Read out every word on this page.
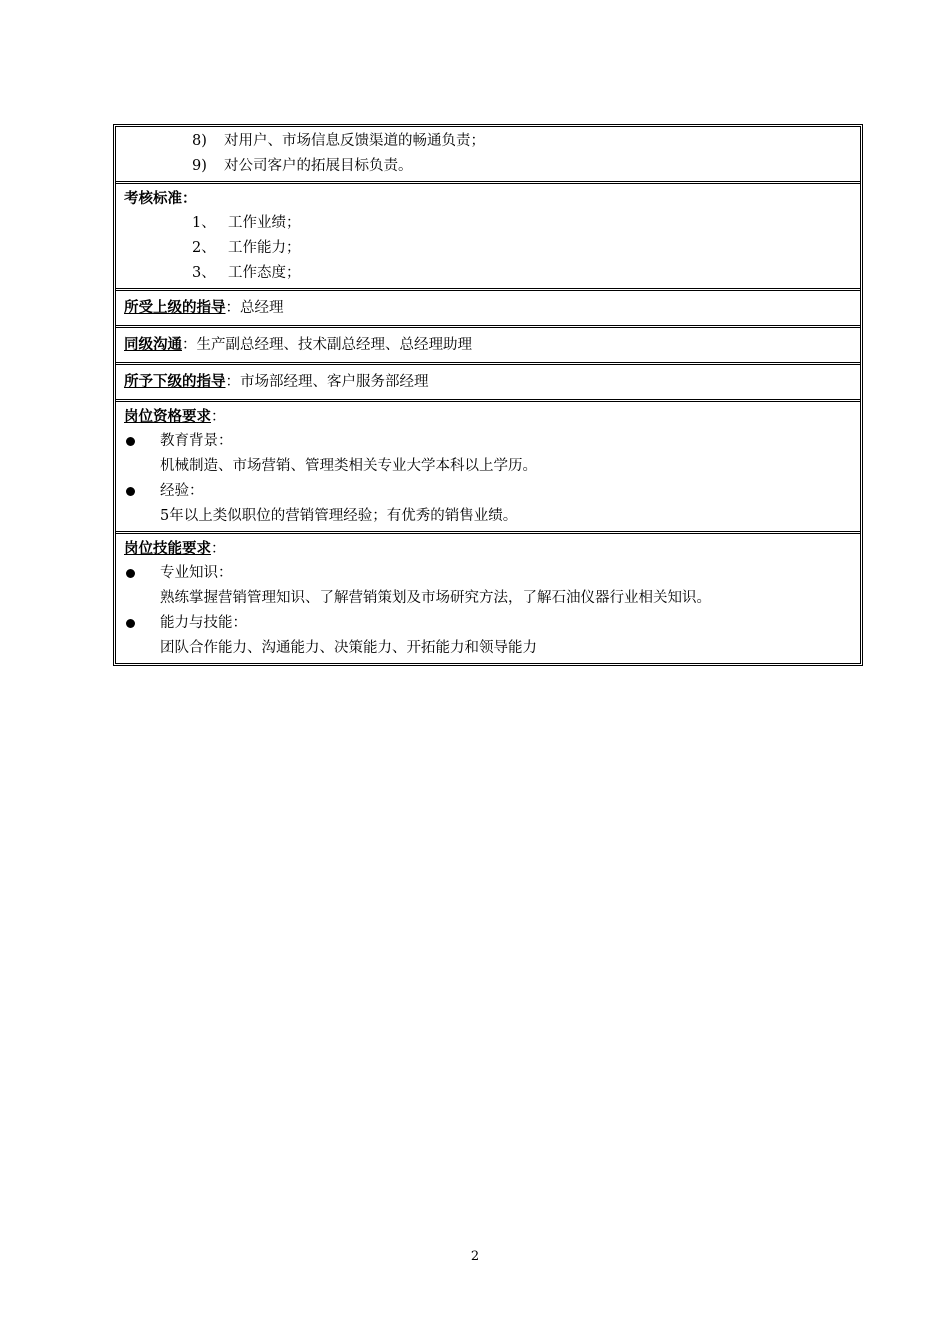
8) 对用户、市场信息反馈渠道的畅通负责；
9) 对公司客户的拓展目标负责。
考核标准：
1、 工作业绩；
2、 工作能力；
3、 工作态度；
所受上级的指导：总经理
同级沟通：生产副总经理、技术副总经理、总经理助理
所予下级的指导：市场部经理、客户服务部经理
岗位资格要求：
教育背景：
机械制造、市场营销、管理类相关专业大学本科以上学历。
经验：
5年以上类似职位的营销管理经验；有优秀的销售业绩。
岗位技能要求：
专业知识：
熟练掌握营销管理知识、了解营销策划及市场研究方法，了解石油仪器行业相关知识。
能力与技能：
团队合作能力、沟通能力、决策能力、开拓能力和领导能力
2
